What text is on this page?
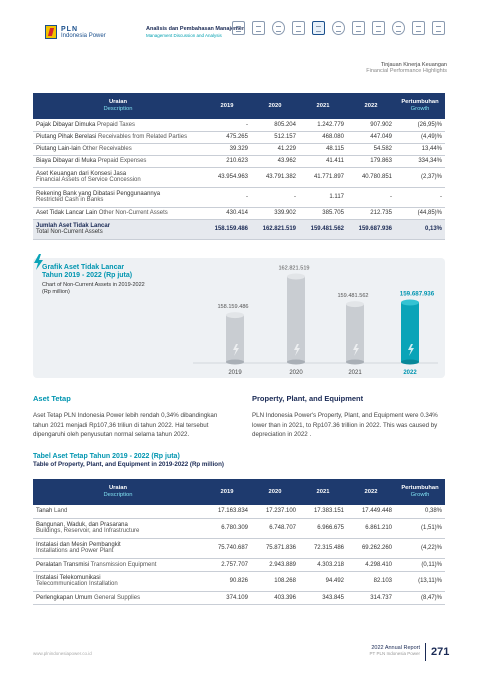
PLN
Indonesia Power
Analisis dan Pembahasan Manajemen
Management Discussion and Analysis
Tinjauan Kinerja Keuangan
Financial Performance Highlights
Uraian
Description	2019	2020	2021	2022	Pertumbuhan
Growth

Pajak Dibayar Dimuka Prepaid Taxes	-	805.204	1.242.779	907.902	(26,95)%
Piutang Pihak Berelasi Receivables from Related Parties	475.265	512.157	468.080	447.049	(4,49)%
Piutang Lain-lain Other Receivables	39.329	41.229	48.115	54.582	13,44%
Biaya Dibayar di Muka Prepaid Expenses	210.623	43.962	41.411	179.863	334,34%
Aset Keuangan dari Konsesi Jasa
Financial Assets of Service Concession	43.954.963	43.791.382	41.771.897	40.780.851	(2,37)%
Rekening Bank yang Dibatasi Penggunaannya
Restricted Cash in Banks	-	-	1.117	-	-
Aset Tidak Lancar Lain Other Non-Current Assets	430.414	339.902	385.705	212.735	(44,85)%
Jumlah Aset Tidak Lancar
Total Non-Current Assets	158.159.486	162.821.519	159.481.562	159.687.936	0,13%
Grafik Aset Tidak Lancar
Tahun 2019 - 2022 (Rp juta)
Chart of Non-Current Assets in 2019-2022
(Rp million)
158.159.486
2019
162.821.519
2020
159.481.562
2021
159.687.936
2022
Aset Tetap	Property, Plant, and Equipment

Aset Tetap PLN Indonesia Power lebih rendah 0,34% dibandingkan tahun 2021 menjadi Rp107,36 triliun di tahun 2022. Hal tersebut dipengaruhi oleh penyusutan normal selama tahun 2022.

PLN Indonesia Power's Property, Plant, and Equipment were 0.34% lower than in 2021, to Rp107.36 trillion in 2022. This was caused by depreciation in 2022 .

Tabel Aset Tetap Tahun 2019 - 2022 (Rp juta)
Table of Property, Plant, and Equipment in 2019-2022 (Rp million)
Uraian
Description	2019	2020	2021	2022	Pertumbuhan
Growth

Tanah Land	17.163.834	17.237.100	17.383.151	17.449.448	0,38%
Bangunan, Waduk, dan Prasarana
Buildings, Reservoir, and Infrastructure	6.780.309	6.748.707	6.966.675	6.861.210	(1,51)%
Instalasi dan Mesin Pembangkit
Installations and Power Plant	75.740.687	75.871.836	72.315.486	69.262.260	(4,22)%
Peralatan Transmisi Transmission Equipment	2.757.707	2.943.889	4.303.218	4.298.410	(0,11)%
Instalasi Telekomunikasi
Telecommunication Installation	90.826	108.268	94.492	82.103	(13,11)%
Perlengkapan Umum General Supplies	374.109	403.396	343.845	314.737	(8,47)%
www.plnindonesiapower.co.id
2022 Annual Report
PT PLN Indonesia Power 271
